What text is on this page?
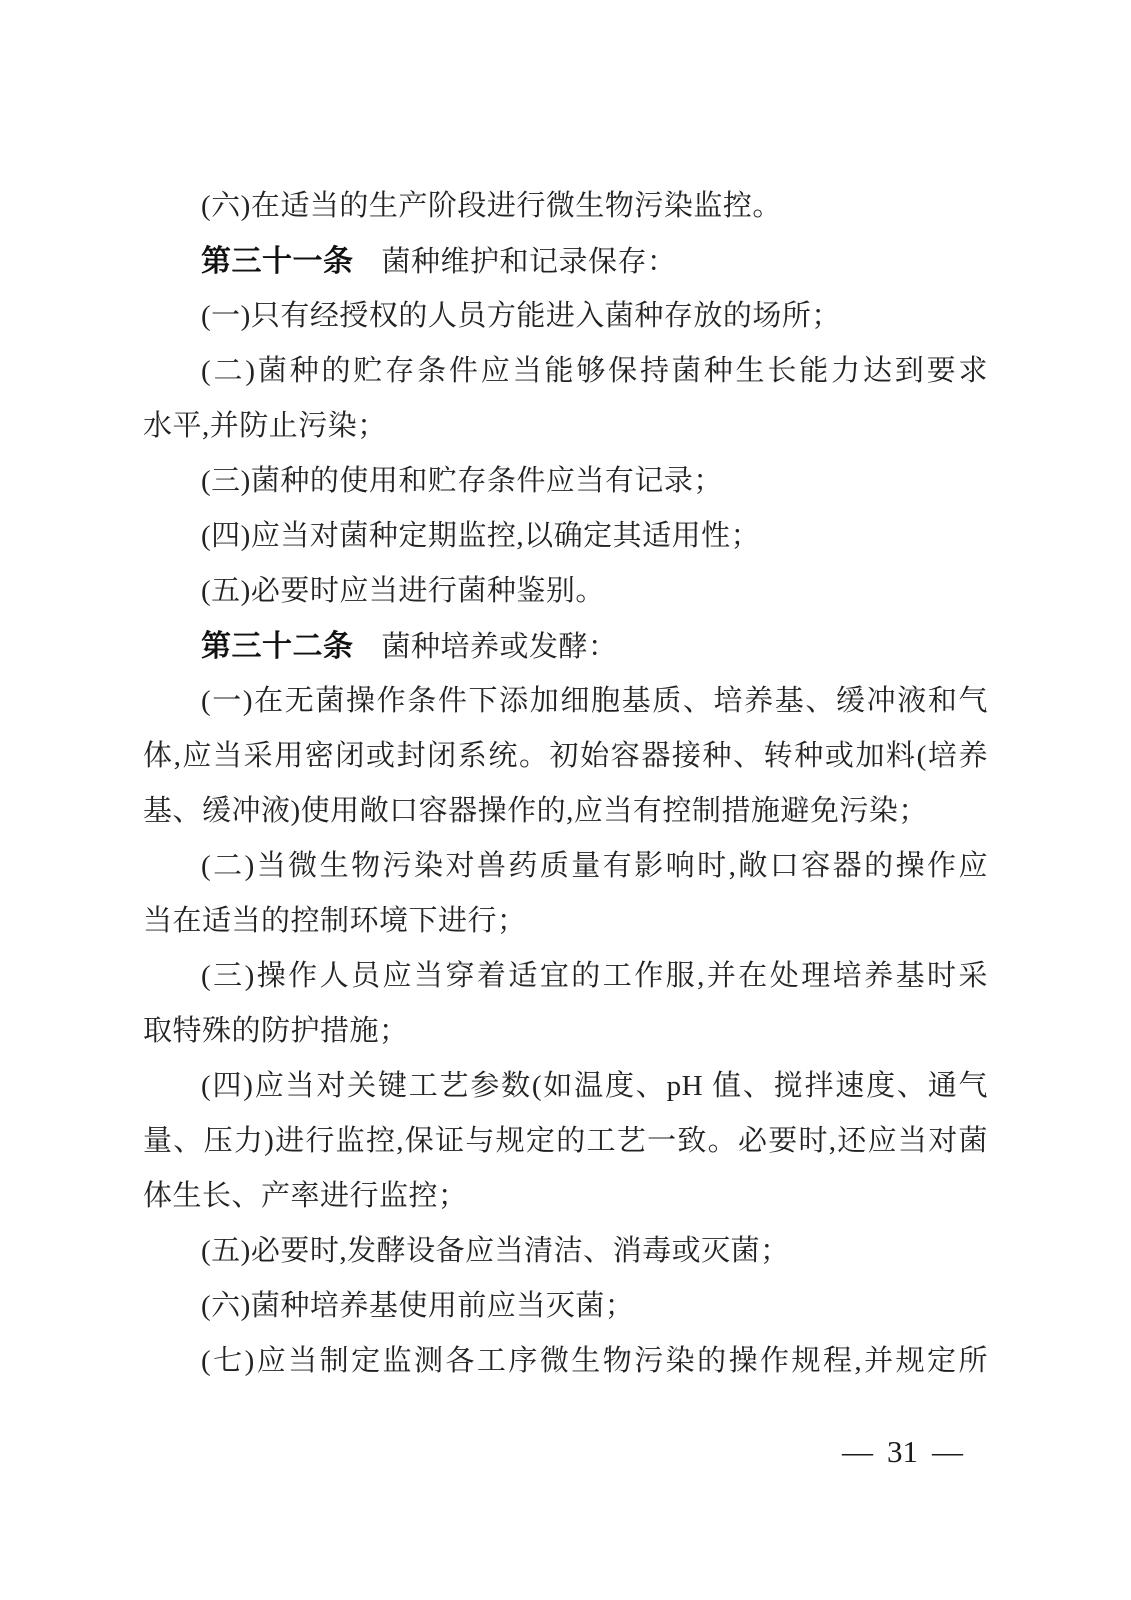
(六)在适当的生产阶段进行微生物污染监控。
第三十一条 菌种维护和记录保存：
(一)只有经授权的人员方能进入菌种存放的场所；
(二)菌种的贮存条件应当能够保持菌种生长能力达到要求
水平,并防止污染；
(三)菌种的使用和贮存条件应当有记录；
(四)应当对菌种定期监控,以确定其适用性；
(五)必要时应当进行菌种鉴别。
第三十二条 菌种培养或发酵：
(一)在无菌操作条件下添加细胞基质、培养基、缓冲液和气
体,应当采用密闭或封闭系统。初始容器接种、转种或加料(培养
基、缓冲液)使用敞口容器操作的,应当有控制措施避免污染；
(二)当微生物污染对兽药质量有影响时,敞口容器的操作应
当在适当的控制环境下进行；
(三)操作人员应当穿着适宜的工作服,并在处理培养基时采
取特殊的防护措施；
(四)应当对关键工艺参数(如温度、pH 值、搅拌速度、通气
量、压力)进行监控,保证与规定的工艺一致。必要时,还应当对菌
体生长、产率进行监控；
(五)必要时,发酵设备应当清洁、消毒或灭菌；
(六)菌种培养基使用前应当灭菌；
(七)应当制定监测各工序微生物污染的操作规程,并规定所
— 31 —
